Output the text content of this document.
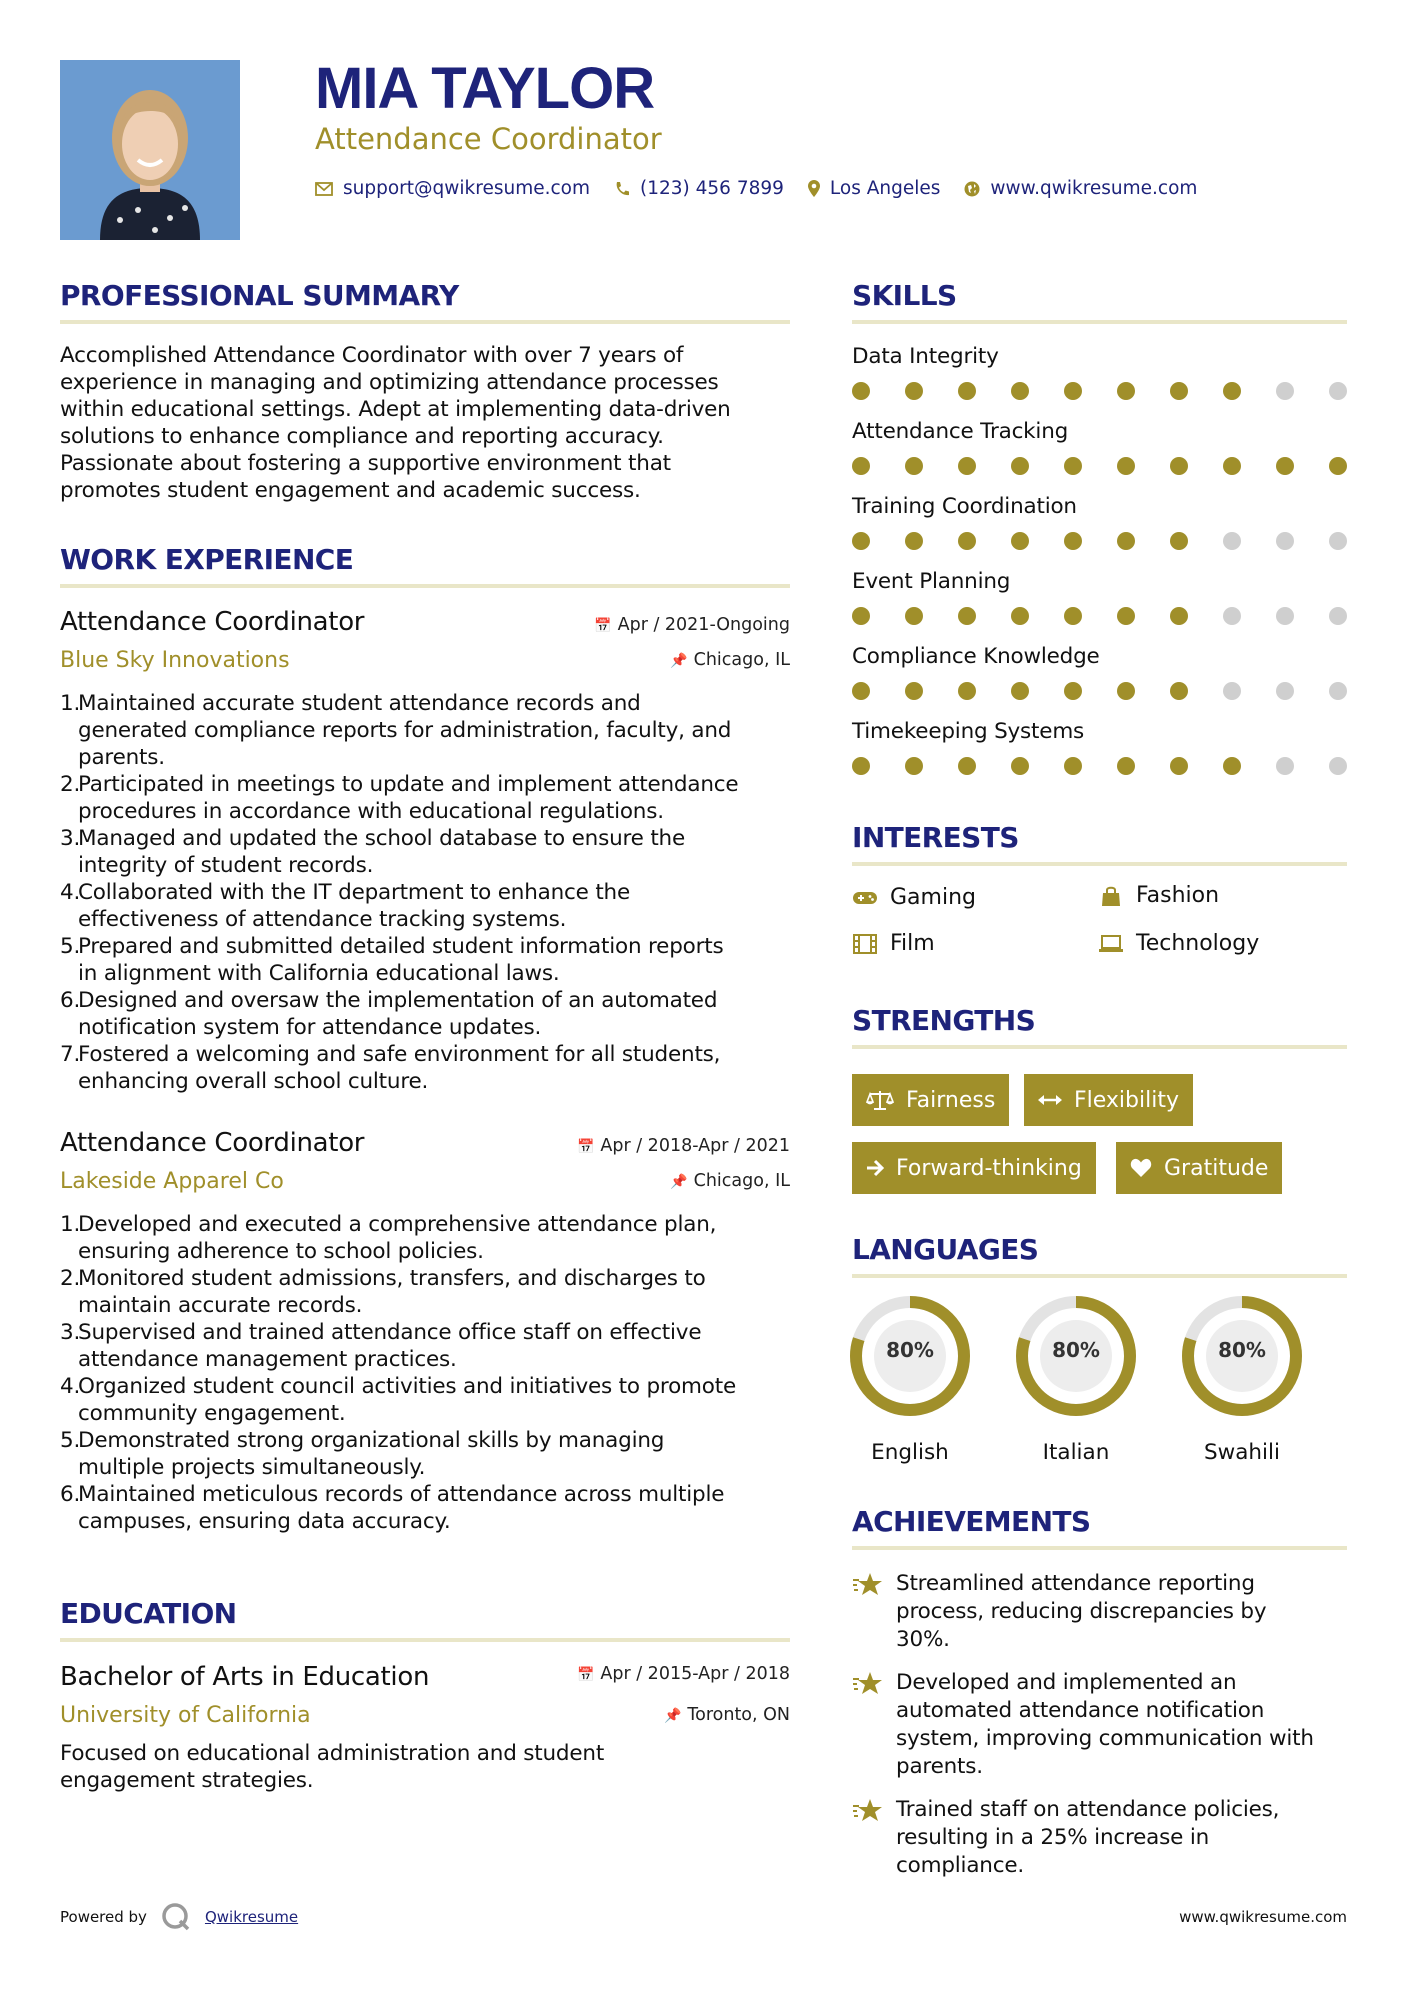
MIA TAYLOR
Attendance Coordinator
support@qwikresume.com	(123) 456 7899 Los Angeles	www.qwikresume.com
PROFESSIONAL SUMMARY
Accomplished Attendance Coordinator with over 7 years of
experience in managing and optimizing attendance processes
within educational settings. Adept at implementing data-driven
solutions to enhance compliance and reporting accuracy.
Passionate about fostering a supportive environment that
promotes student engagement and academic success.
WORK EXPERIENCE
Attendance Coordinator	📅 Apr / 2021-Ongoing
Blue Sky Innovations	📌 Chicago, IL
Maintained accurate student attendance records and
generated compliance reports for administration, faculty, and
parents.
Participated in meetings to update and implement attendance
procedures in accordance with educational regulations.
Managed and updated the school database to ensure the
integrity of student records.
Collaborated with the IT department to enhance the
effectiveness of attendance tracking systems.
Prepared and submitted detailed student information reports
in alignment with California educational laws.
Designed and oversaw the implementation of an automated
notification system for attendance updates.
Fostered a welcoming and safe environment for all students,
enhancing overall school culture.
Attendance Coordinator	📅 Apr / 2018-Apr / 2021
Lakeside Apparel Co	📌 Chicago, IL
Developed and executed a comprehensive attendance plan,
ensuring adherence to school policies.
Monitored student admissions, transfers, and discharges to
maintain accurate records.
Supervised and trained attendance office staff on effective
attendance management practices.
Organized student council activities and initiatives to promote
community engagement.
Demonstrated strong organizational skills by managing
multiple projects simultaneously.
Maintained meticulous records of attendance across multiple
campuses, ensuring data accuracy.
EDUCATION
Bachelor of Arts in Education	📅 Apr / 2015-Apr / 2018
University of California	📌 Toronto, ON
Focused on educational administration and student
engagement strategies.
SKILLS
Data Integrity
Attendance Tracking
Training Coordination
Event Planning
Compliance Knowledge
Timekeeping Systems
INTERESTS
Gaming	Fashion
Film	Technology
STRENGTHS
Fairness	Flexibility
Forward-thinking	Gratitude
LANGUAGES
80%
English
80%
Italian
80%
Swahili
ACHIEVEMENTS
Streamlined attendance reporting
process, reducing discrepancies by
30%.
Developed and implemented an
automated attendance notification
system, improving communication with
parents.
Trained staff on attendance policies,
resulting in a 25% increase in
compliance.
Powered by	Qwikresume	www.qwikresume.com
